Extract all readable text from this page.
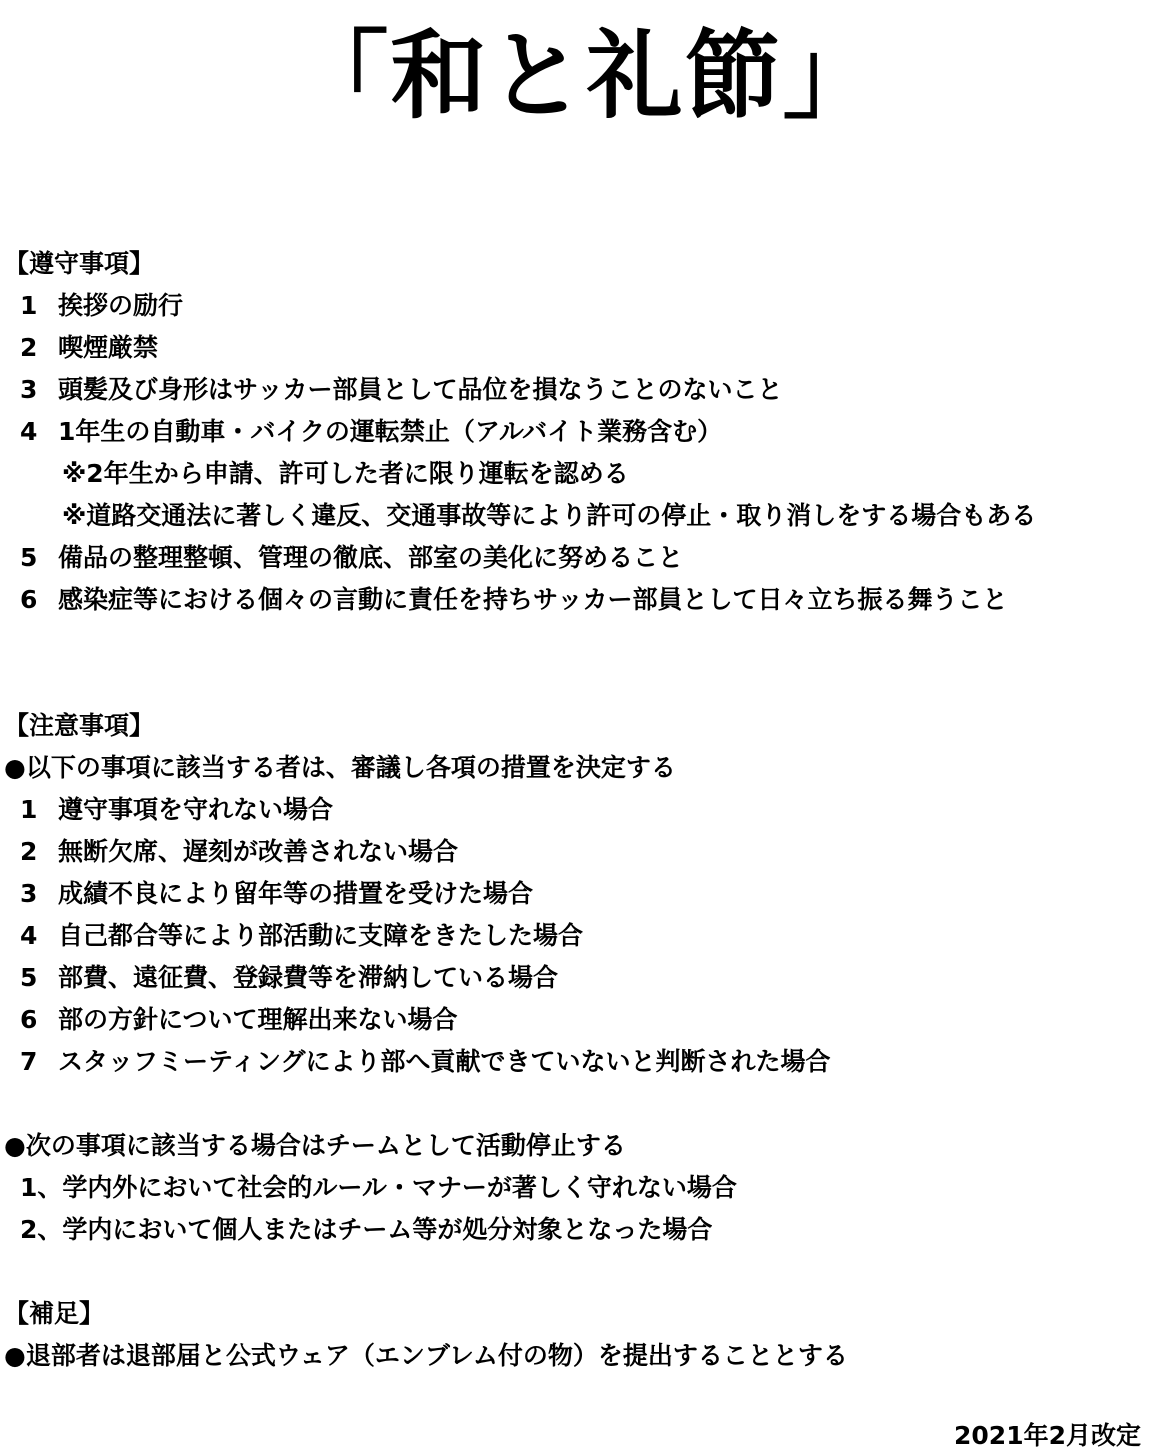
「和と礼節」
【遵守事項】
1 挨拶の励行
2 喫煙厳禁
3 頭髪及び身形はサッカー部員として品位を損なうことのないこと
4 1年生の自動車・バイクの運転禁止（アルバイト業務含む）
※2年生から申請、許可した者に限り運転を認める
※道路交通法に著しく違反、交通事故等により許可の停止・取り消しをする場合もある
5 備品の整理整頓、管理の徹底、部室の美化に努めること
6 感染症等における個々の言動に責任を持ちサッカー部員として日々立ち振る舞うこと
【注意事項】
●以下の事項に該当する者は、審議し各項の措置を決定する
1 遵守事項を守れない場合
2 無断欠席、遅刻が改善されない場合
3 成績不良により留年等の措置を受けた場合
4 自己都合等により部活動に支障をきたした場合
5 部費、遠征費、登録費等を滞納している場合
6 部の方針について理解出来ない場合
7 スタッフミーティングにより部へ貢献できていないと判断された場合
●次の事項に該当する場合はチームとして活動停止する
1、学内外において社会的ルール・マナーが著しく守れない場合
2、学内において個人またはチーム等が処分対象となった場合
【補足】
●退部者は退部届と公式ウェア（エンブレム付の物）を提出することとする
2021年2月改定
